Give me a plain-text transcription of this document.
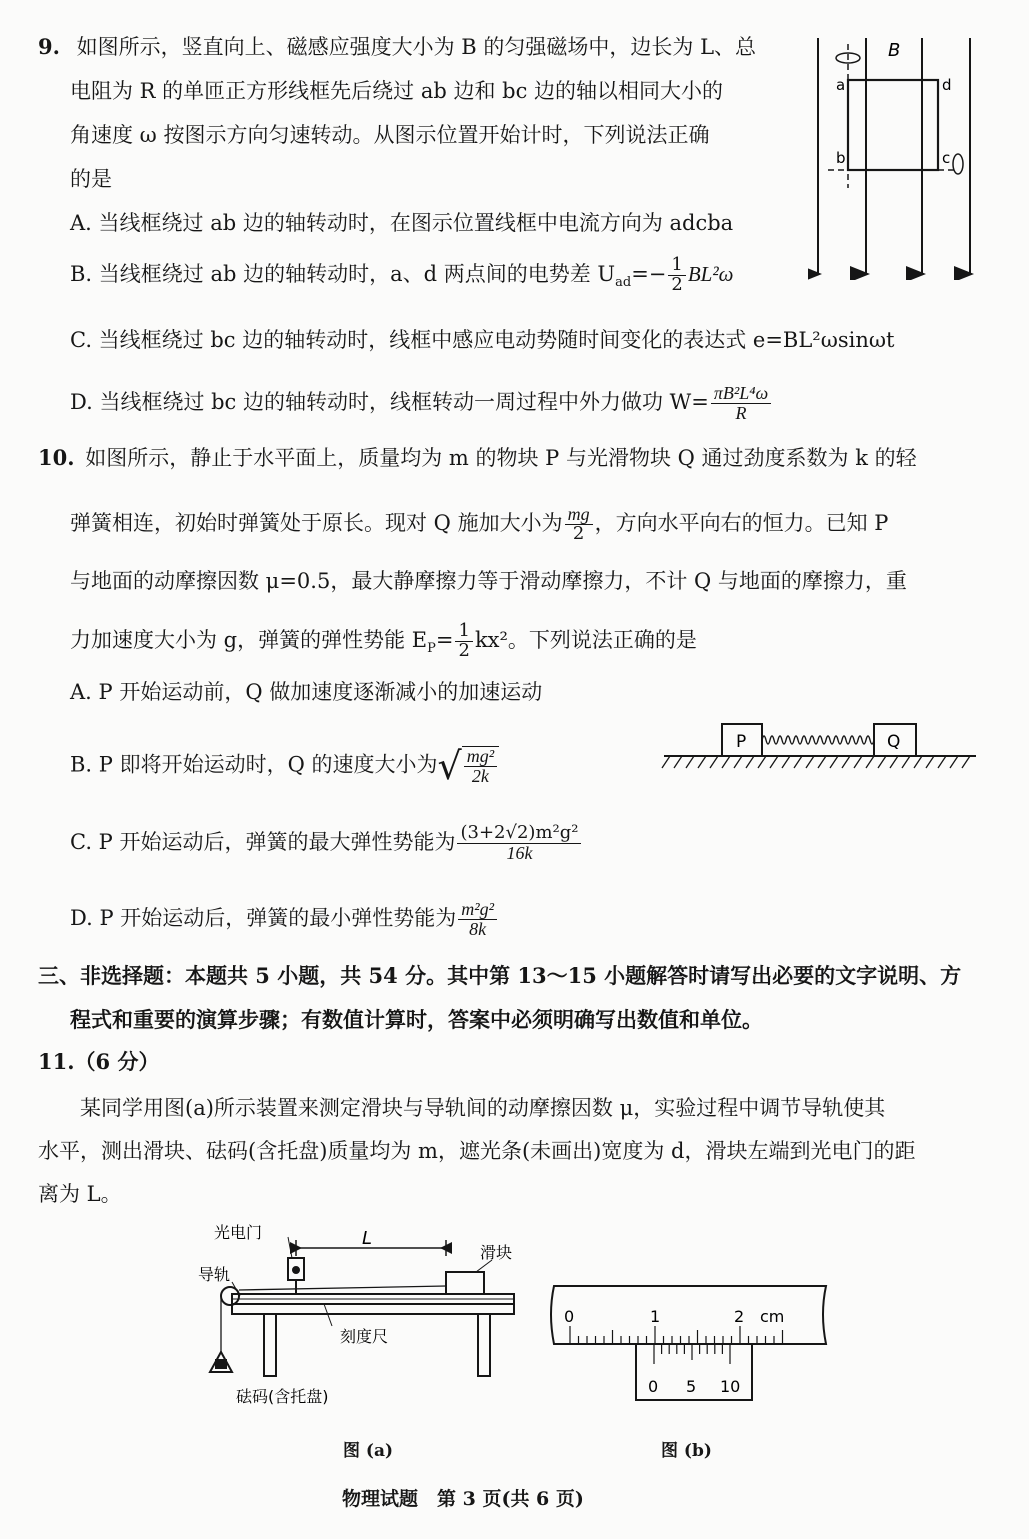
9. 如图所示，竖直向上、磁感应强度大小为 B 的匀强磁场中，边长为 L、总
电阻为 R 的单匝正方形线框先后绕过 ab 边和 bc 边的轴以相同大小的
角速度 ω 按图示方向匀速转动。从图示位置开始计时，下列说法正确
的是
A. 当线框绕过 ab 边的轴转动时，在图示位置线框中电流方向为 adcba
B. 当线框绕过 ab 边的轴转动时，a、d 两点间的电势差 $U_{ad}=- \frac{1}{2} BL^2\omega$
C. 当线框绕过 bc 边的轴转动时，线框中感应电动势随时间变化的表达式 e=BL²ωsinωt
D. 当线框绕过 bc 边的轴转动时，线框转动一周过程中外力做功 $W= \frac{\text{πB²L⁴ω}}{R}$
B
a
b	c
d
10. 如图所示，静止于水平面上，质量均为 m 的物块 P 与光滑物块 Q 通过劲度系数为 k 的轻
弹簧相连，初始时弹簧处于原长。现对 Q 施加大小为 $\frac{mg}{2}$ ，方向水平向右的恒力。已知 P
与地面的动摩擦因数 μ=0.5，最大静摩擦力等于滑动摩擦力，不计 Q 与地面的摩擦力，重
力加速度大小为 g，弹簧的弹性势能 $E_P= \frac{1}{2} kx^2$。下列说法正确的是
A. P 开始运动前，Q 做加速度逐渐减小的加速运动
B. P 即将开始运动时，Q 的速度大小为√ $\frac{\text{mg²}}{2k}$
C. P 开始运动后，弹簧的最大弹性势能为 $\frac{\text{(3+2√2)m²g²}}{16k}$
D. P 开始运动后，弹簧的最小弹性势能为 $\frac{\text{m²g²}}{8k}$
P	Q
三、非选择题：本题共 5 小题，共 54 分。其中第 13～15 小题解答时请写出必要的文字说明、方
程式和重要的演算步骤；有数值计算时，答案中必须明确写出数值和单位。
11.（6 分）
某同学用图(a)所示装置来测定滑块与导轨间的动摩擦因数 μ，实验过程中调节导轨使其
水平，测出滑块、砝码(含托盘)质量均为 m，遮光条(未画出)宽度为 d，滑块左端到光电门的距
离为 L。
光电门	L
滑块
导轨
刻度尺
砝码(含托盘)
0	1	2 cm
0 5 10
图 (a)	图 (b)
物理试题　第 3 页(共 6 页)
